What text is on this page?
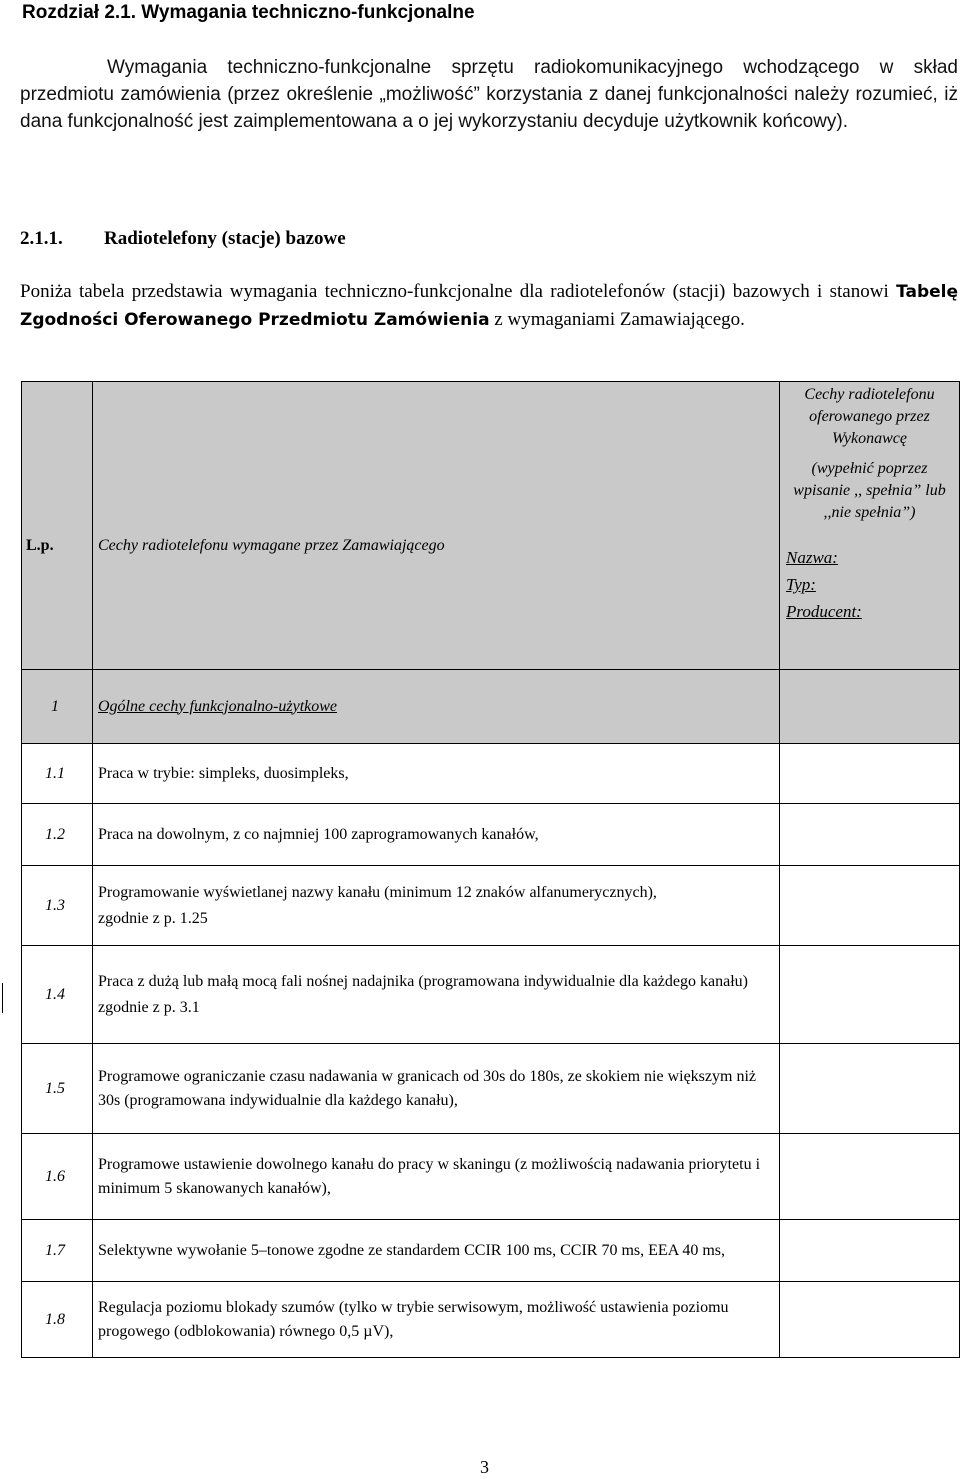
Rozdział 2.1. Wymagania techniczno-funkcjonalne
Wymagania techniczno-funkcjonalne sprzętu radiokomunikacyjnego wchodzącego w skład przedmiotu zamówienia (przez określenie „możliwość” korzystania z danej funkcjonalności należy rozumieć, iż dana funkcjonalność jest zaimplementowana a o jej wykorzystaniu decyduje użytkownik końcowy).
2.1.1. Radiotelefony (stacje) bazowe
Poniża tabela przedstawia wymagania techniczno-funkcjonalne dla radiotelefonów (stacji) bazowych i stanowi Tabelę Zgodności Oferowanego Przedmiotu Zamówienia z wymaganiami Zamawiającego.
L.p.	Cechy radiotelefonu wymagane przez Zamawiającego	Cechy radiotelefonu oferowanego przez Wykonawcę
(wypełnić poprzez wpisanie ,, spełnia” lub ,,nie spełnia”)
Nazwa:
Typ:
Producent:

1	Ogólne cechy funkcjonalno-użytkowe	
1.1	Praca w trybie: simpleks, duosimpleks,	

1.2	Praca na dowolnym, z co najmniej 100 zaprogramowanych kanałów,	

1.3	Programowanie wyświetlanej nazwy kanału (minimum 12 znaków alfanumerycznych),
zgodnie z p. 1.25	

1.4	Praca z dużą lub małą mocą fali nośnej nadajnika (programowana indywidualnie dla każdego kanału)
zgodnie z p. 3.1	

1.5	Programowe ograniczanie czasu nadawania w granicach od 30s do 180s, ze skokiem nie większym niż 30s (programowana indywidualnie dla każdego kanału),	

1.6	Programowe ustawienie dowolnego kanału do pracy w skaningu (z możliwością nadawania priorytetu i minimum 5 skanowanych kanałów),	

1.7	Selektywne wywołanie 5–tonowe zgodne ze standardem CCIR 100 ms, CCIR 70 ms, EEA 40 ms,	

1.8	Regulacja poziomu blokady szumów (tylko w trybie serwisowym, możliwość ustawienia poziomu progowego (odblokowania) równego 0,5 µV),	

3
